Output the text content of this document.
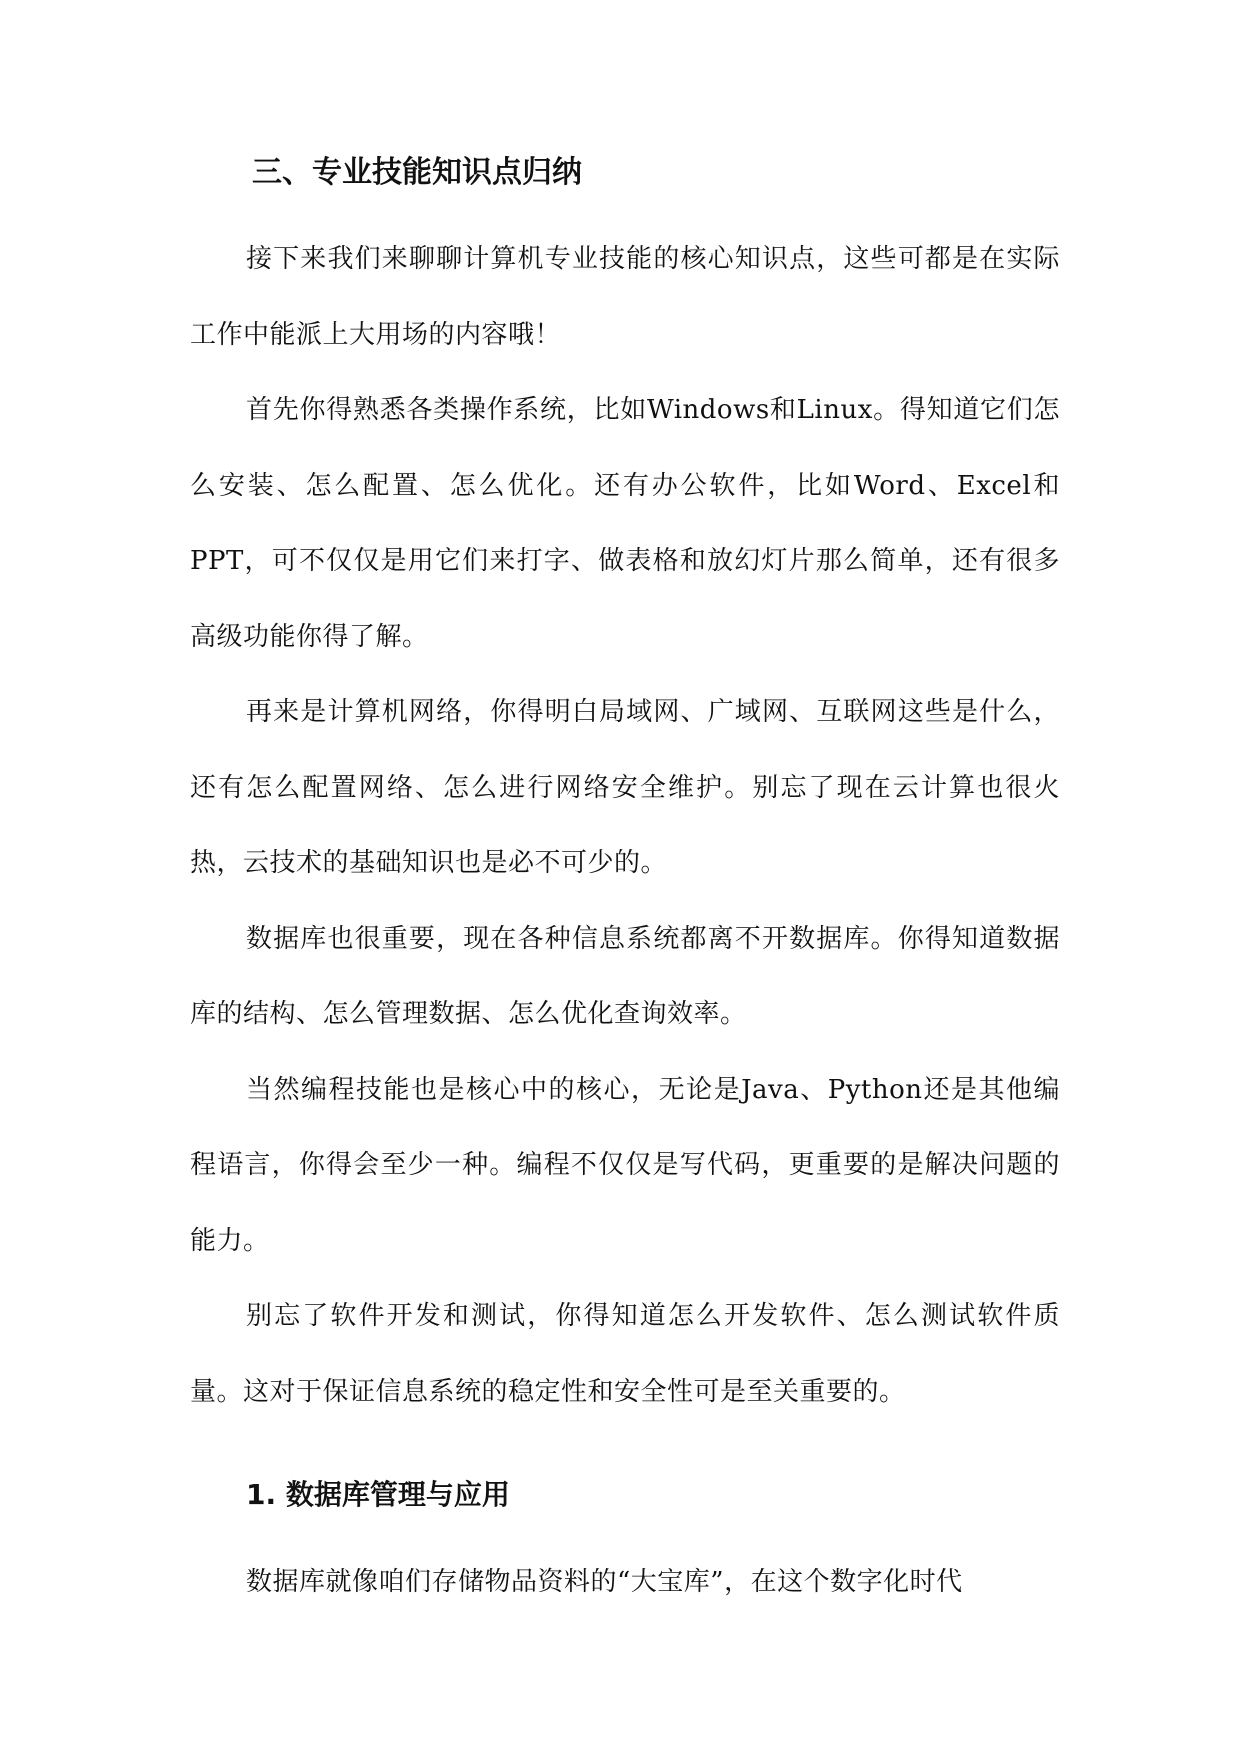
三、专业技能知识点归纳

接下来我们来聊聊计算机专业技能的核心知识点，这些可都是在实际工作中能派上大用场的内容哦！

首先你得熟悉各类操作系统，比如Windows和Linux。得知道它们怎么安装、怎么配置、怎么优化。还有办公软件，比如Word、Excel和PPT，可不仅仅是用它们来打字、做表格和放幻灯片那么简单，还有很多高级功能你得了解。

再来是计算机网络，你得明白局域网、广域网、互联网这些是什么，还有怎么配置网络、怎么进行网络安全维护。别忘了现在云计算也很火热，云技术的基础知识也是必不可少的。

数据库也很重要，现在各种信息系统都离不开数据库。你得知道数据库的结构、怎么管理数据、怎么优化查询效率。

当然编程技能也是核心中的核心，无论是Java、Python还是其他编程语言，你得会至少一种。编程不仅仅是写代码，更重要的是解决问题的能力。

别忘了软件开发和测试，你得知道怎么开发软件、怎么测试软件质量。这对于保证信息系统的稳定性和安全性可是至关重要的。

1. 数据库管理与应用

数据库就像咱们存储物品资料的“大宝库”，在这个数字化时代
